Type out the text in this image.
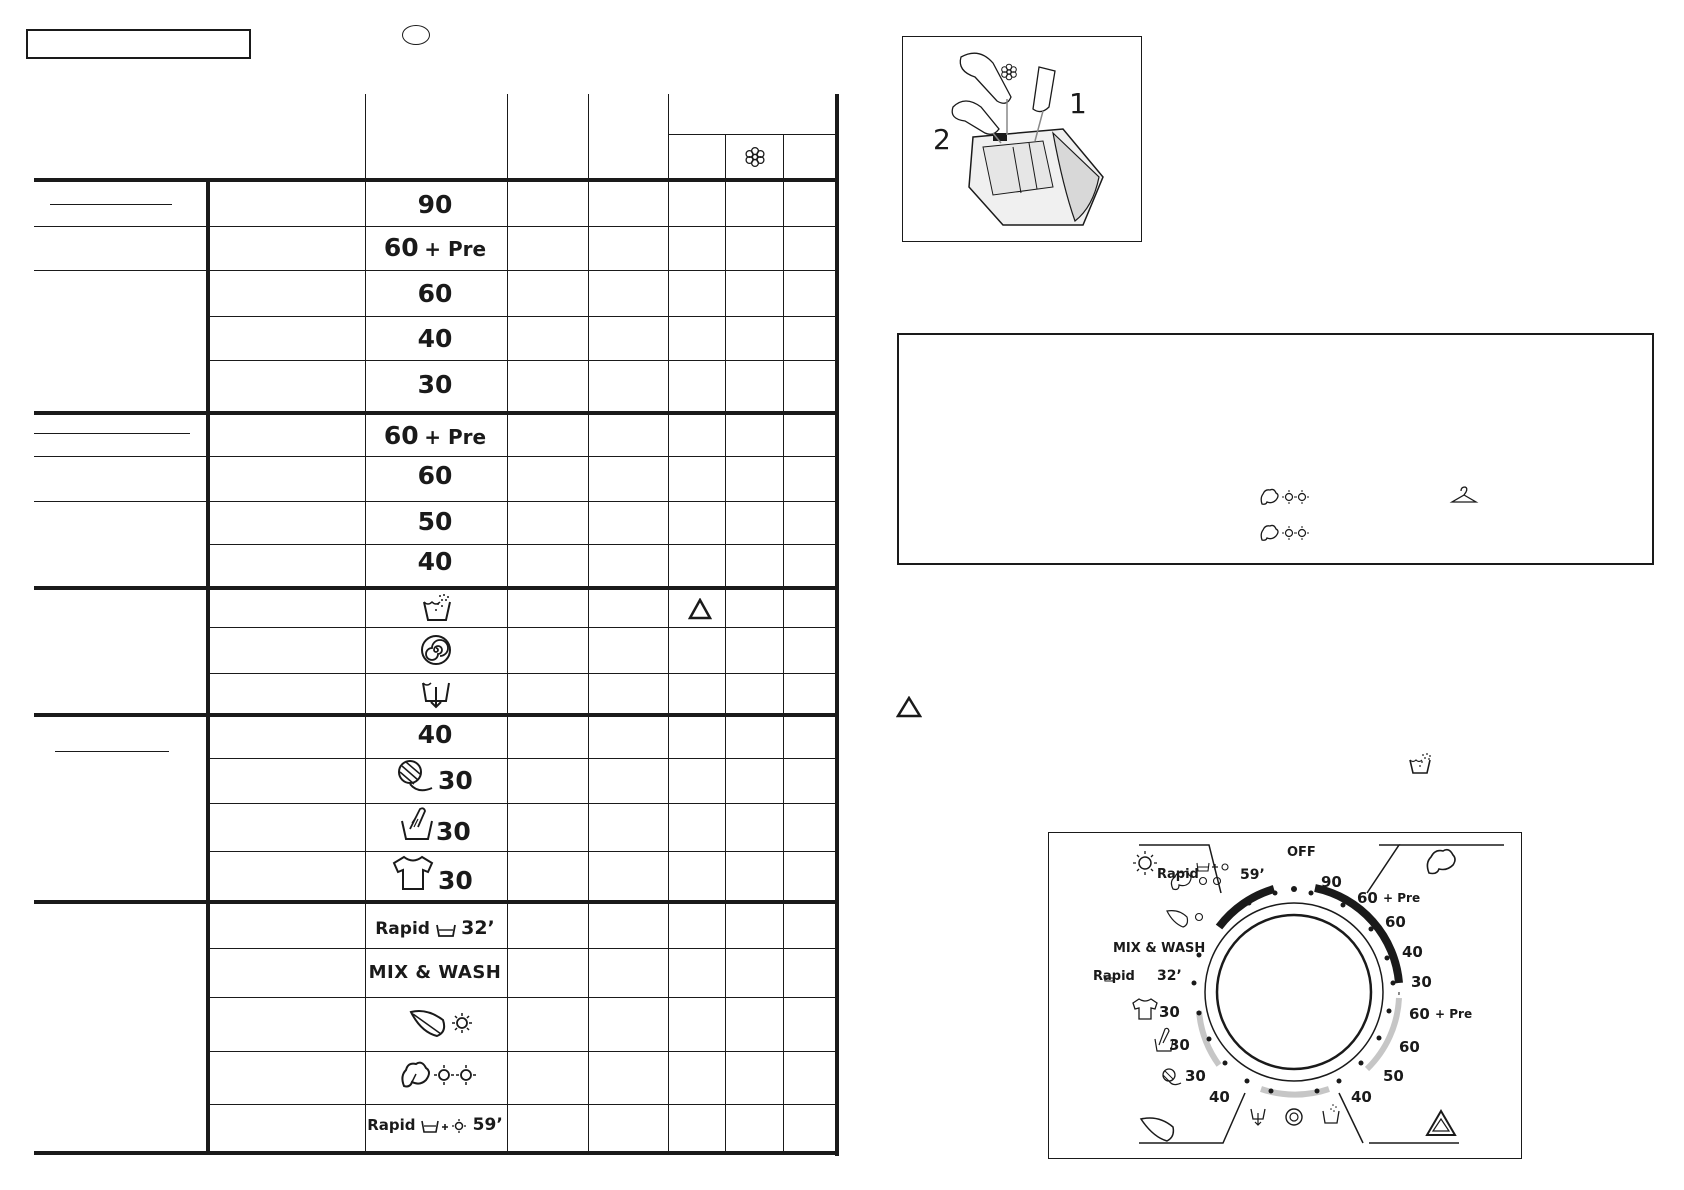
90
60 + Pre
60
40
30
60 + Pre
60
50
40
40
30
30
30
Rapid 32’
MIX & WASH
Rapid	59’
1
2
OFF
Rapid	59’
MIX & WASH
Rapid 32’
30
30
30
40
90
60 + Pre
60
40
30
60 + Pre
60
50
40
